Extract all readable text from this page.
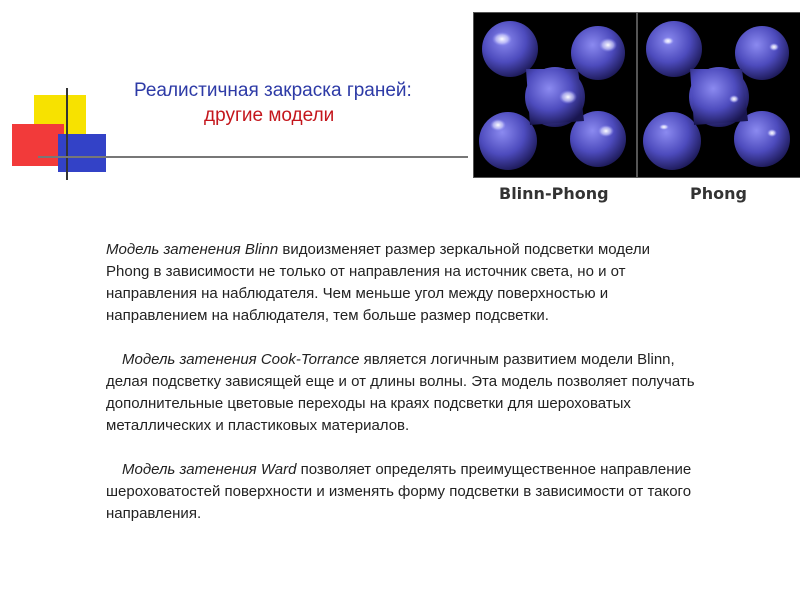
Реалистичная закраска граней:
другие модели
Blinn-Phong	Phong

Модель затенения Blinn видоизменяет размер зеркальной подсветки модели Phong в зависимости не только от направления на источник света, но и от направления на наблюдателя. Чем меньше угол между поверхностью и направлением на наблюдателя, тем больше размер подсветки.

Модель затенения Cook-Torrance является логичным развитием модели Blinn, делая подсветку зависящей еще и от длины волны. Эта модель позволяет получать дополнительные цветовые переходы на краях подсветки для шероховатых металлических и пластиковых материалов.

Модель затенения Ward позволяет определять преимущественное направление шероховатостей поверхности и изменять форму подсветки в зависимости от такого направления.
